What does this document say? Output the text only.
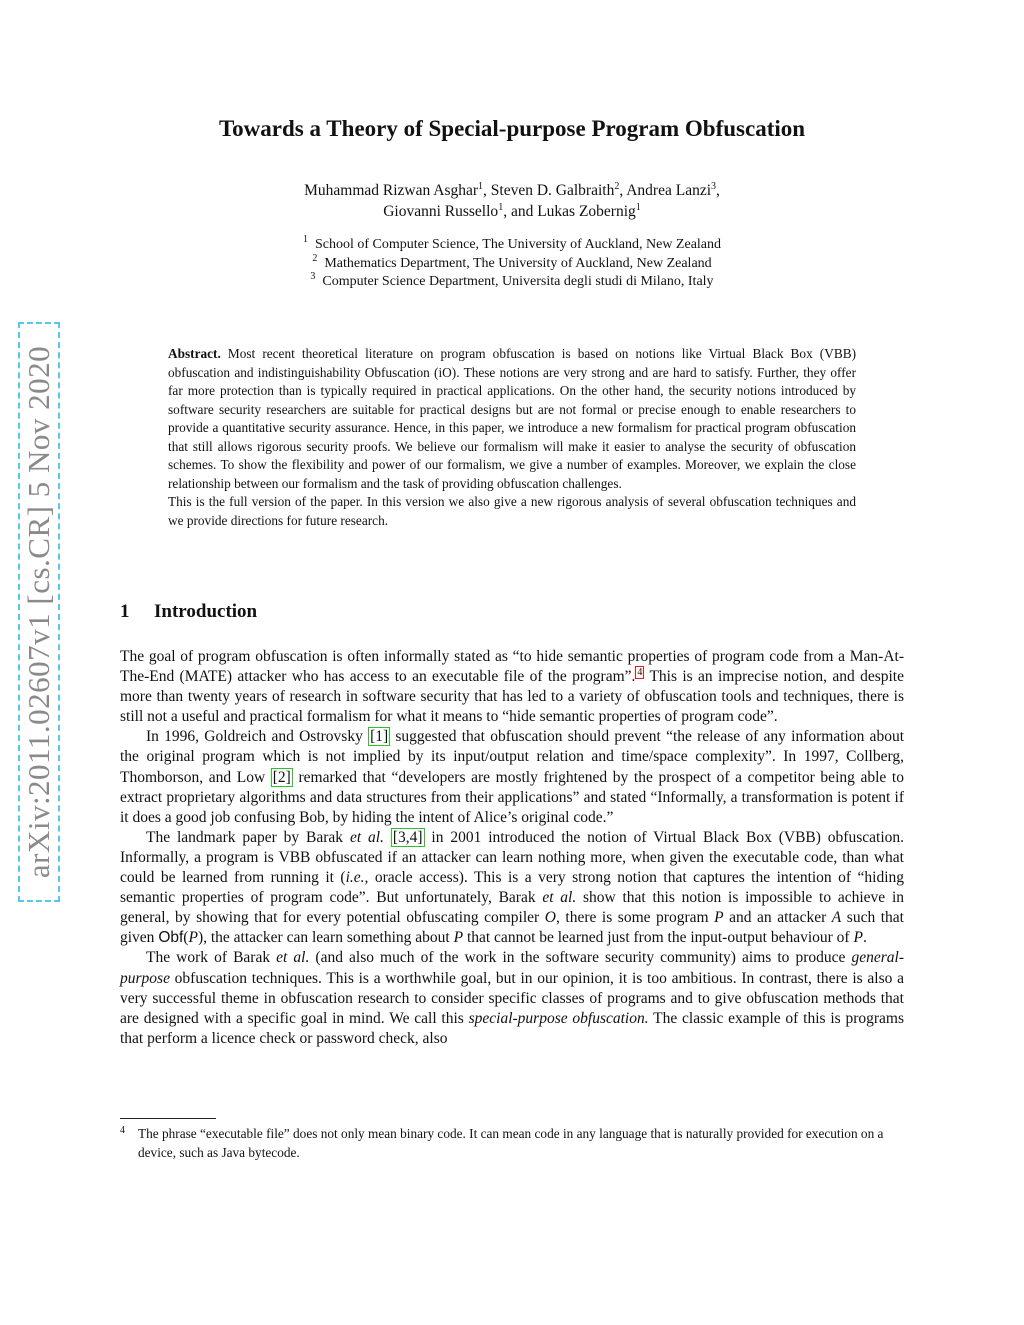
arXiv:2011.02607v1 [cs.CR] 5 Nov 2020
Towards a Theory of Special-purpose Program Obfuscation
Muhammad Rizwan Asghar$^1$, Steven D. Galbraith$^2$, Andrea Lanzi$^3$,
Giovanni Russello$^1$, and Lukas Zobernig$^1$
$^1$ School of Computer Science, The University of Auckland, New Zealand
$^2$ Mathematics Department, The University of Auckland, New Zealand
$^3$ Computer Science Department, Universita degli studi di Milano, Italy

Abstract. Most recent theoretical literature on program obfuscation is based on notions like Virtual Black Box (VBB) obfuscation and indistinguishability Obfuscation (iO). These notions are very strong and are hard to satisfy. Further, they offer far more protection than is typically required in practical applications. On the other hand, the security notions introduced by software security researchers are suitable for practical designs but are not formal or precise enough to enable researchers to provide a quantitative security assurance. Hence, in this paper, we introduce a new formalism for practical program obfuscation that still allows rigorous security proofs. We believe our formalism will make it easier to analyse the security of obfuscation schemes. To show the flexibility and power of our formalism, we give a number of examples. Moreover, we explain the close relationship between our formalism and the task of providing obfuscation challenges.

This is the full version of the paper. In this version we also give a new rigorous analysis of several obfuscation techniques and we provide directions for future research.

1 Introduction

The goal of program obfuscation is often informally stated as “to hide semantic properties of program code from a Man-At-The-End (MATE) attacker who has access to an executable file of the program”. $^4$ This is an imprecise notion, and despite more than twenty years of research in software security that has led to a variety of obfuscation tools and techniques, there is still not a useful and practical formalism for what it means to “hide semantic properties of program code”.

In 1996, Goldreich and Ostrovsky [1] suggested that obfuscation should prevent “the release of any information about the original program which is not implied by its input/output relation and time/space complexity”. In 1997, Collberg, Thomborson, and Low [2] remarked that “developers are mostly frightened by the prospect of a competitor being able to extract proprietary algorithms and data structures from their applications” and stated “Informally, a transformation is potent if it does a good job confusing Bob, by hiding the intent of Alice’s original code.”

The landmark paper by Barak et al. [3,4] in 2001 introduced the notion of Virtual Black Box (VBB) obfuscation. Informally, a program is VBB obfuscated if an attacker can learn nothing more, when given the executable code, than what could be learned from running it (i.e., oracle access). This is a very strong notion that captures the intention of “hiding semantic properties of program code”. But unfortunately, Barak et al. show that this notion is impossible to achieve in general, by showing that for every potential obfuscating compiler O, there is some program P and an attacker A such that given Obf(P), the attacker can learn something about P that cannot be learned just from the input-output behaviour of P.

The work of Barak et al. (and also much of the work in the software security community) aims to produce general-purpose obfuscation techniques. This is a worthwhile goal, but in our opinion, it is too ambitious. In contrast, there is also a very successful theme in obfuscation research to consider specific classes of programs and to give obfuscation methods that are designed with a specific goal in mind. We call this special-purpose obfuscation. The classic example of this is programs that perform a licence check or password check, also

4 The phrase “executable file” does not only mean binary code. It can mean code in any language that is naturally provided for execution on a device, such as Java bytecode.
